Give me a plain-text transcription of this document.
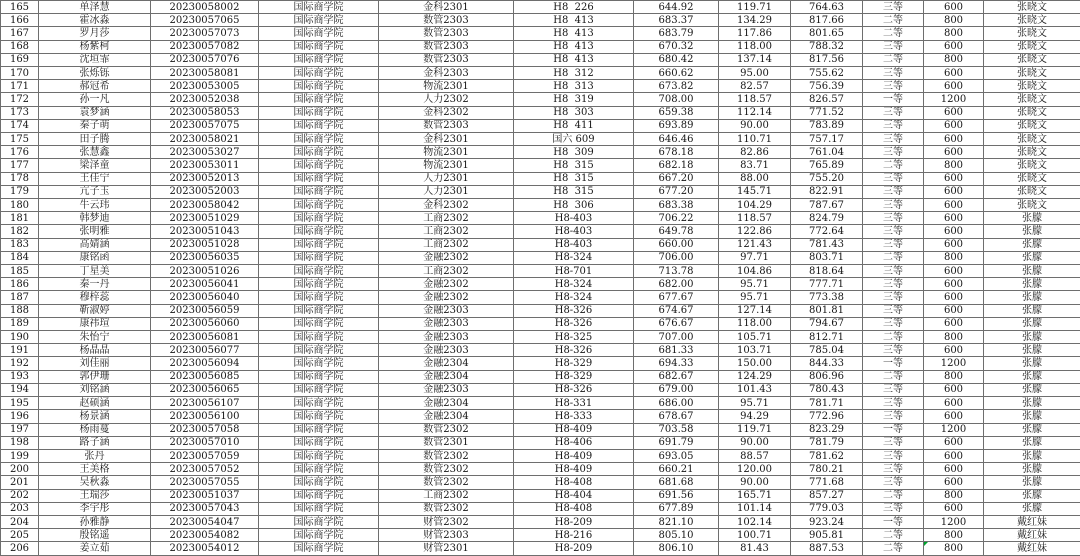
165	单泽慧	20230058002	国际商学院	金科2301	H8  226	644.92	119.71	764.63	三等	600	张晓文
166	霍冰淼	20230057065	国际商学院	数管2303	H8  413	683.37	134.29	817.66	二等	800	张晓文
167	罗月莎	20230057073	国际商学院	数管2303	H8  413	683.79	117.86	801.65	二等	800	张晓文
168	杨紫柯	20230057082	国际商学院	数管2303	H8  413	670.32	118.00	788.32	三等	600	张晓文
169	沈垣霏	20230057076	国际商学院	数管2303	H8  413	680.42	137.14	817.56	二等	800	张晓文
170	张烁铄	20230058081	国际商学院	金科2303	H8  312	660.62	95.00	755.62	三等	600	张晓文
171	郝冠希	20230053005	国际商学院	物流2301	H8  313	673.82	82.57	756.39	三等	600	张晓文
172	孙一凡	20230052038	国际商学院	人力2302	H8  319	708.00	118.57	826.57	一等	1200	张晓文
173	袁梦涵	20230058053	国际商学院	金科2302	H8  303	659.38	112.14	771.52	三等	600	张晓文
174	秦子萌	20230057075	国际商学院	数管2303	H8  411	693.89	90.00	783.89	三等	600	张晓文
175	田子腾	20230058021	国际商学院	金科2301	国六 609	646.46	110.71	757.17	三等	600	张晓文
176	张慧鑫	20230053027	国际商学院	物流2301	H8  309	678.18	82.86	761.04	三等	600	张晓文
177	梁泽童	20230053011	国际商学院	物流2301	H8  315	682.18	83.71	765.89	二等	800	张晓文
178	王佳宁	20230052013	国际商学院	人力2301	H8  315	667.20	88.00	755.20	三等	600	张晓文
179	亢子玉	20230052003	国际商学院	人力2301	H8  315	677.20	145.71	822.91	三等	600	张晓文
180	牛云玮	20230058042	国际商学院	金科2302	H8  306	683.38	104.29	787.67	三等	600	张晓文
181	韩梦迪	20230051029	国际商学院	工商2302	H8-403	706.22	118.57	824.79	三等	600	张朦
182	张明雅	20230051043	国际商学院	工商2302	H8-403	649.78	122.86	772.64	三等	600	张朦
183	高婧涵	20230051028	国际商学院	工商2302	H8-403	660.00	121.43	781.43	三等	600	张朦
184	康铭函	20230056035	国际商学院	金融2302	H8-324	706.00	97.71	803.71	二等	800	张朦
185	丁星美	20230051026	国际商学院	工商2302	H8-701	713.78	104.86	818.64	三等	600	张朦
186	秦一丹	20230056041	国际商学院	金融2302	H8-324	682.00	95.71	777.71	三等	600	张朦
187	穆梓蕊	20230056040	国际商学院	金融2302	H8-324	677.67	95.71	773.38	三等	600	张朦
188	靳淑婷	20230056059	国际商学院	金融2303	H8-326	674.67	127.14	801.81	三等	600	张朦
189	康祎瑄	20230056060	国际商学院	金融2303	H8-326	676.67	118.00	794.67	三等	600	张朦
190	朱怡宁	20230056081	国际商学院	金融2303	H8-325	707.00	105.71	812.71	二等	800	张朦
191	杨晶晶	20230056077	国际商学院	金融2303	H8-326	681.33	103.71	785.04	三等	600	张朦
192	刘佳丽	20230056094	国际商学院	金融2304	H8-329	694.33	150.00	844.33	一等	1200	张朦
193	郭伊珊	20230056085	国际商学院	金融2304	H8-329	682.67	124.29	806.96	二等	800	张朦
194	刘铭涵	20230056065	国际商学院	金融2303	H8-326	679.00	101.43	780.43	三等	600	张朦
195	赵硕涵	20230056107	国际商学院	金融2304	H8-331	686.00	95.71	781.71	三等	600	张朦
196	杨景涵	20230056100	国际商学院	金融2304	H8-333	678.67	94.29	772.96	三等	600	张朦
197	杨雨蔓	20230057058	国际商学院	数管2302	H8-409	703.58	119.71	823.29	一等	1200	张朦
198	路子涵	20230057010	国际商学院	数管2301	H8-406	691.79	90.00	781.79	三等	600	张朦
199	张丹	20230057059	国际商学院	数管2302	H8-409	693.05	88.57	781.62	三等	600	张朦
200	王美格	20230057052	国际商学院	数管2302	H8-409	660.21	120.00	780.21	三等	600	张朦
201	吴秋淼	20230057055	国际商学院	数管2302	H8-408	681.68	90.00	771.68	三等	600	张朦
202	王瑞莎	20230051037	国际商学院	工商2302	H8-404	691.56	165.71	857.27	二等	800	张朦
203	李宇彤	20230057043	国际商学院	数管2302	H8-408	677.89	101.14	779.03	三等	600	张朦
204	孙雅静	20230054047	国际商学院	财管2302	H8-209	821.10	102.14	923.24	一等	1200	戴红妹
205	殷铭遥	20230054082	国际商学院	财管2303	H8-216	805.10	100.71	905.81	二等	800	戴红妹
206	姜立茹	20230054012	国际商学院	财管2301	H8-209	806.10	81.43	887.53	二等	800	戴红妹
